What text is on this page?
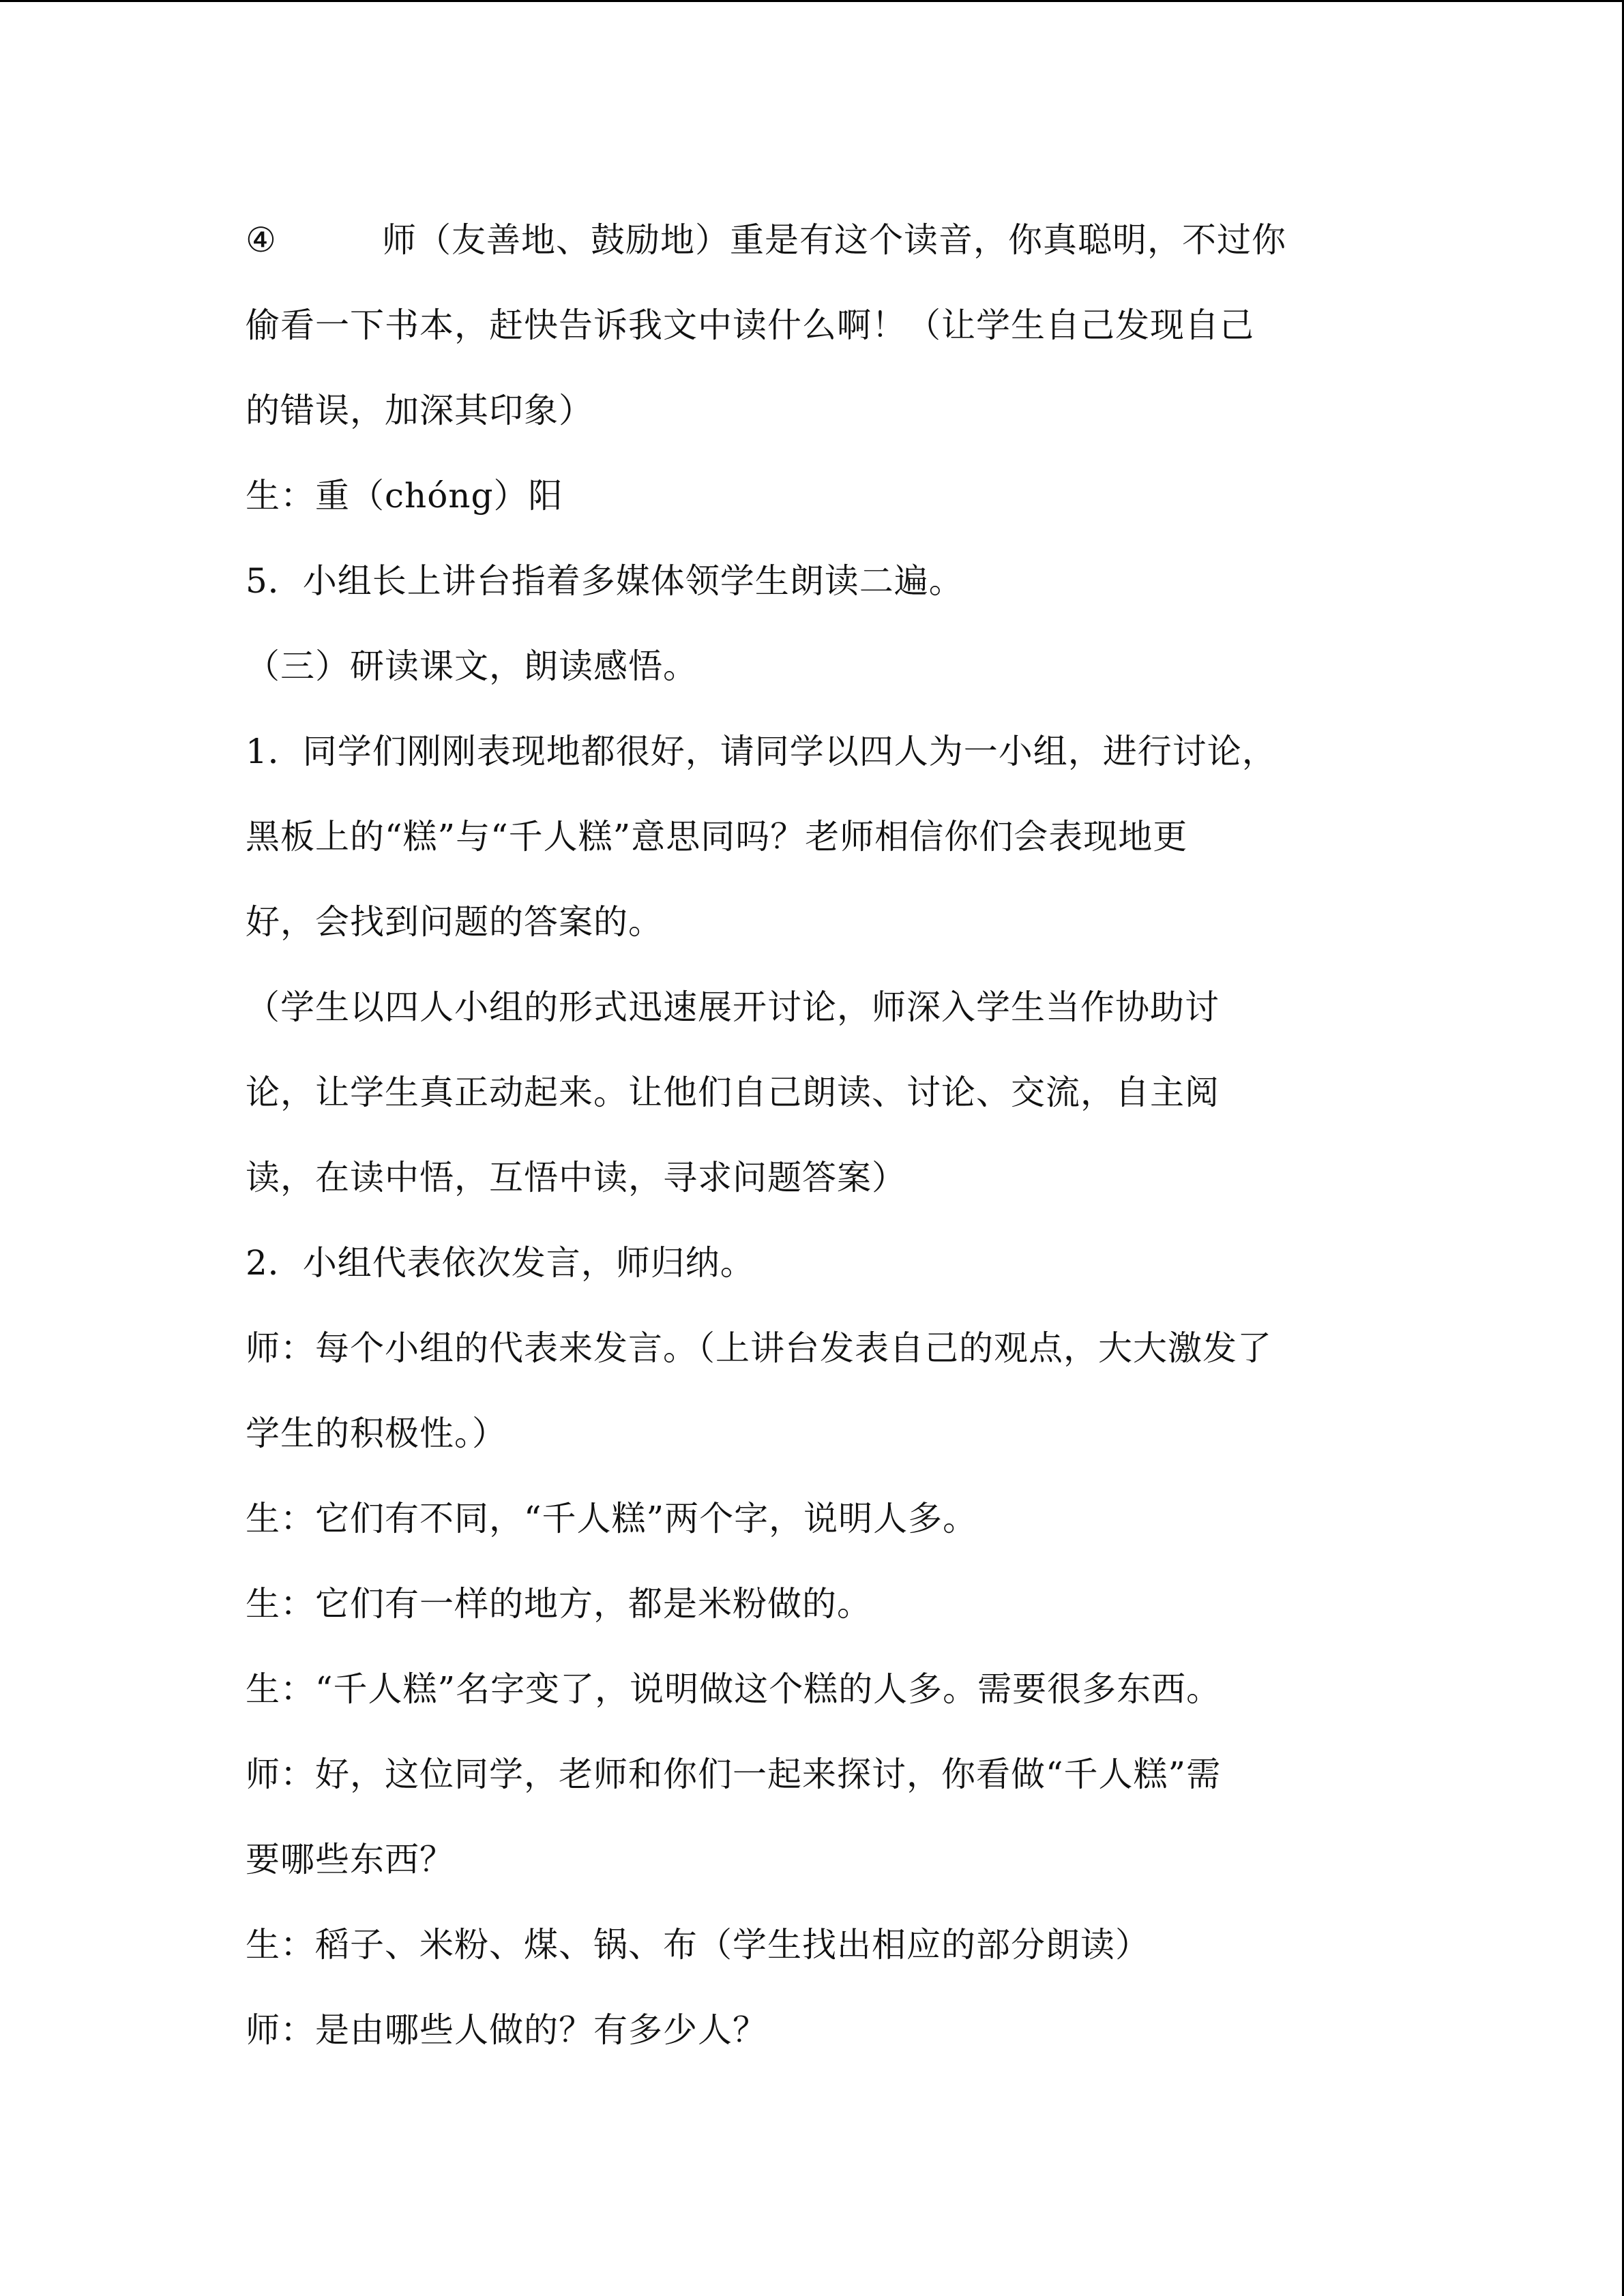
④	师（友善地、鼓励地）重是有这个读音，你真聪明，不过你
偷看一下书本，赶快告诉我文中读什么啊！（让学生自己发现自己
的错误，加深其印象）
生：重（chóng）阳
5．小组长上讲台指着多媒体领学生朗读二遍。
（三）研读课文，朗读感悟。
1．同学们刚刚表现地都很好，请同学以四人为一小组，进行讨论，
黑板上的“糕”与“千人糕”意思同吗？老师相信你们会表现地更
好，会找到问题的答案的。
（学生以四人小组的形式迅速展开讨论，师深入学生当作协助讨
论，让学生真正动起来。让他们自己朗读、讨论、交流，自主阅
读，在读中悟，互悟中读，寻求问题答案）
2．小组代表依次发言，师归纳。
师：每个小组的代表来发言。（上讲台发表自己的观点，大大激发了
学生的积极性。）
生：它们有不同，“千人糕”两个字，说明人多。
生：它们有一样的地方，都是米粉做的。
生：“千人糕”名字变了，说明做这个糕的人多。需要很多东西。
师：好，这位同学，老师和你们一起来探讨，你看做“千人糕”需
要哪些东西？
生：稻子、米粉、煤、锅、布（学生找出相应的部分朗读）
师：是由哪些人做的？有多少人？
